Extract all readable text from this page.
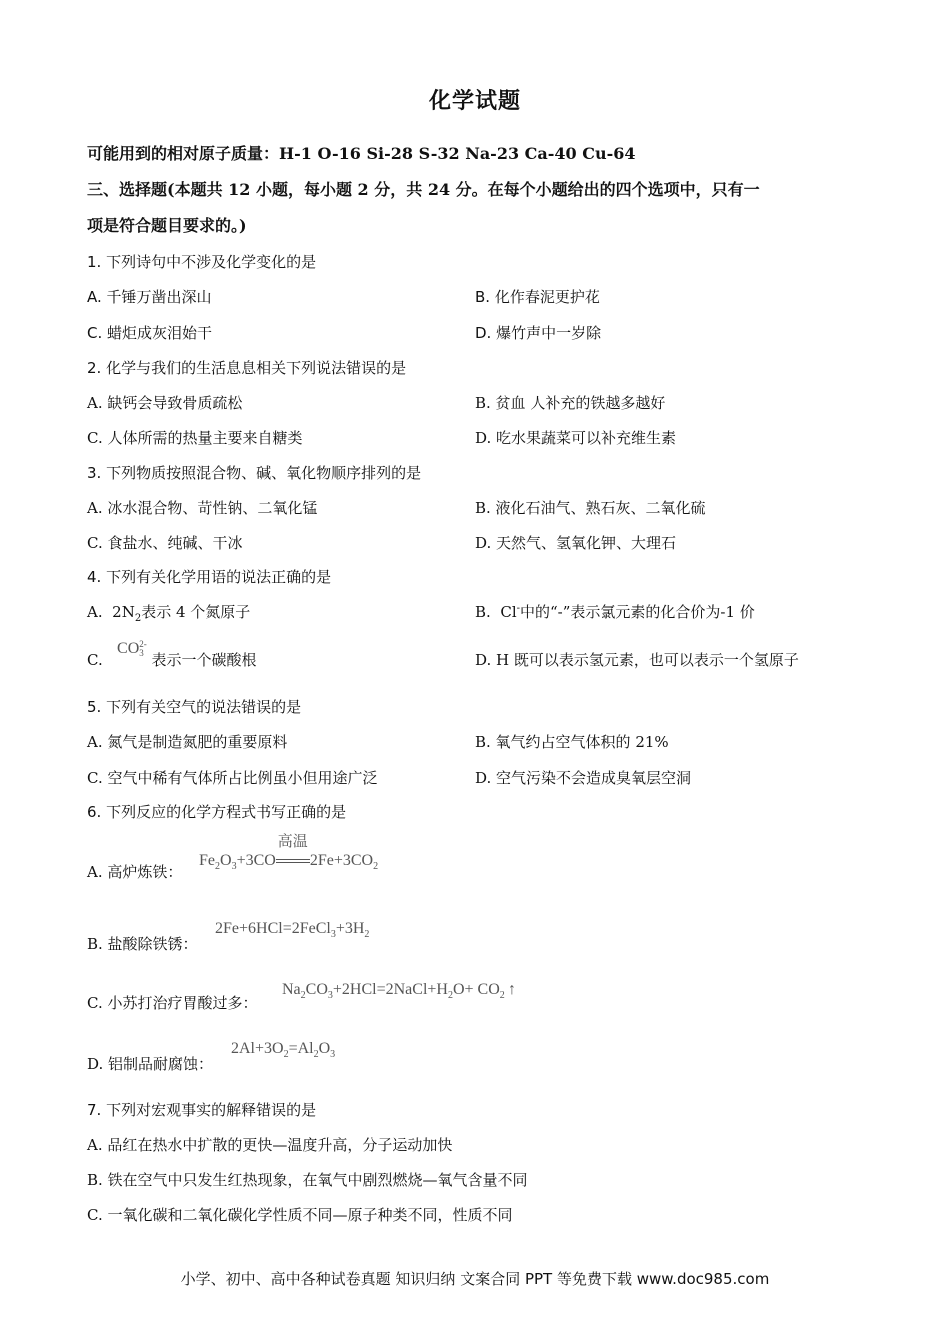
化学试题
可能用到的相对原子质量：H-1 O-16 Si-28 S-32 Na-23 Ca-40 Cu-64
三、选择题(本题共 12 小题，每小题 2 分，共 24 分。在每个小题给出的四个选项中，只有一
项是符合题目要求的。)
1. 下列诗句中不涉及化学变化的是
A. 千锤万凿出深山	B. 化作春泥更护花
C. 蜡炬成灰泪始干	D. 爆竹声中一岁除
2. 化学与我们的生活息息相关下列说法错误的是
A. 缺钙会导致骨质疏松	B. 贫血 人补充的铁越多越好
C. 人体所需的热量主要来自糖类	D. 吃水果蔬菜可以补充维生素
3. 下列物质按照混合物、碱、氧化物顺序排列的是
A. 冰水混合物、苛性钠、二氧化锰	B. 液化石油气、熟石灰、二氧化硫
C. 食盐水、纯碱、干冰	D. 天然气、氢氧化钾、大理石
4. 下列有关化学用语的说法正确的是
A. $2N_2$表示 4 个氮原子	B. Cl-中的“-”表示氯元素的化合价为-1 价
C.   CO 2-
3 表示一个碳酸根	D. H 既可以表示氢元素，也可以表示一个氢原子
5. 下列有关空气的说法错误的是
A. 氮气是制造氮肥的重要原料	B. 氧气约占空气体积的 21%
C. 空气中稀有气体所占比例虽小但用途广泛	D. 空气污染不会造成臭氧层空洞
6. 下列反应的化学方程式书写正确的是
A. 高炉炼铁：
$Fe_2O_3+3CO$
高温
$2Fe+3CO_2$
B. 盐酸除铁锈：
$2Fe+6HCl=2FeCl_3+3H_2$
C. 小苏打治疗胃酸过多：
$Na_2CO_3+2HCl=2NaCl+H_2O+ CO_2$ ↑
D. 铝制品耐腐蚀：
$2Al+3O_2=Al_2O_3$
7. 下列对宏观事实的解释错误的是
A. 品红在热水中扩散的更快—温度升高，分子运动加快
B. 铁在空气中只发生红热现象，在氧气中剧烈燃烧—氧气含量不同
C. 一氧化碳和二氧化碳化学性质不同—原子种类不同，性质不同
小学、初中、高中各种试卷真题 知识归纳 文案合同 PPT 等免费下载 www.doc985.com
